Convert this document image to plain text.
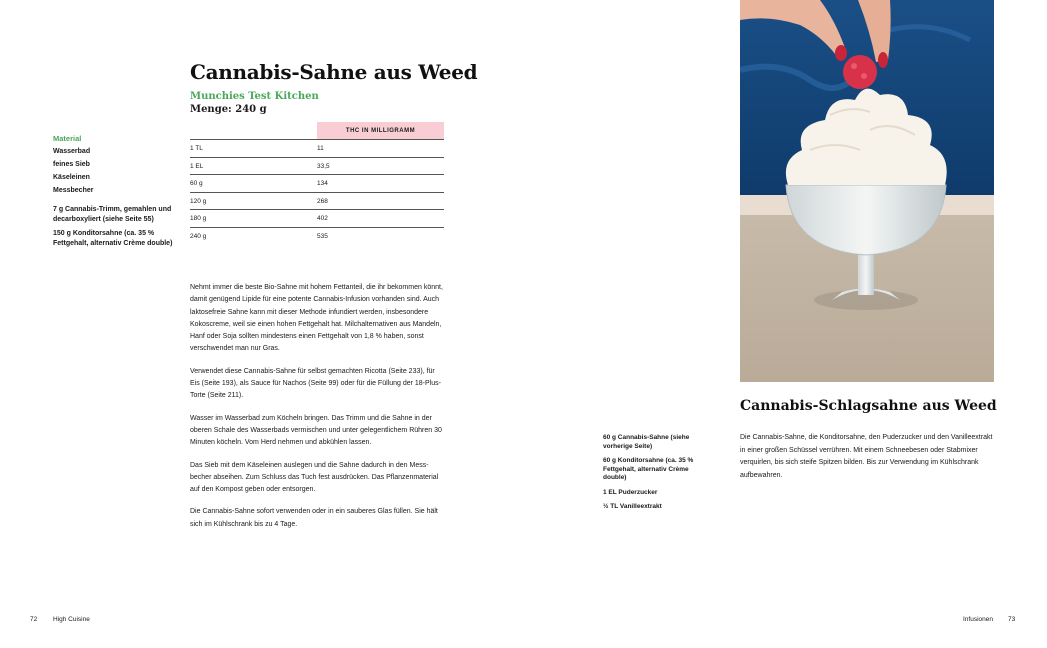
Cannabis-Sahne aus Weed
Munchies Test Kitchen
Menge: 240 g
Material
Wasserbad
feines Sieb
Käseleinen
Messbecher
7 g Cannabis-Trimm, gemahlen und decarboxyliert (siehe Seite 55)
150 g Konditorsahne (ca. 35 % Fettgehalt, alternativ Crème double)
THC IN MILLIGRAMM
1 TL	11
1 EL	33,5
60 g	134
120 g	268
180 g	402
240 g	535

Nehmt immer die beste Bio-Sahne mit hohem Fettanteil, die ihr bekommen könnt, damit genügend Lipide für eine potente Cannabis-Infusion vorhanden sind. Auch laktosefreie Sahne kann mit dieser Methode infundiert werden, insbesondere Kokoscreme, weil sie einen hohen Fettgehalt hat. Milchalternativen aus Mandeln, Hanf oder Soja sollten mindestens einen Fettgehalt von 1,8 % haben, sonst verschwendet man nur Gras.

Verwendet diese Cannabis-Sahne für selbst gemachten Ricotta (Seite 233), für Eis (Seite 193), als Sauce für Nachos (Seite 99) oder für die Füllung der 18-Plus-Torte (Seite 211).

Wasser im Wasserbad zum Köcheln bringen. Das Trimm und die Sahne in der oberen Schale des Wasserbads vermischen und unter gelegentlichem Rühren 30 Minuten köcheln. Vom Herd nehmen und abkühlen lassen.

Das Sieb mit dem Käseleinen auslegen und die Sahne dadurch in den Messbecher abseihen. Zum Schluss das Tuch fest ausdrücken. Das Pflanzenmaterial auf den Kompost geben oder entsorgen.

Die Cannabis-Sahne sofort verwenden oder in ein sauberes Glas füllen. Sie hält sich im Kühlschrank bis zu 4 Tage.

72 High Cuisine
60 g Cannabis-Sahne (siehe vorherige Seite)
60 g Konditorsahne (ca. 35 % Fettgehalt, alternativ Crème double)
1 EL Puderzucker
½ TL Vanilleextrakt
Cannabis-Schlagsahne aus Weed
Die Cannabis-Sahne, die Konditorsahne, den Puderzucker und den Vanilleextrakt in einer großen Schüssel verrühren. Mit einem Schneebesen oder Stabmixer verquirlen, bis sich steife Spitzen bilden. Bis zur Verwendung im Kühlschrank aufbewahren.
Infusionen 73
